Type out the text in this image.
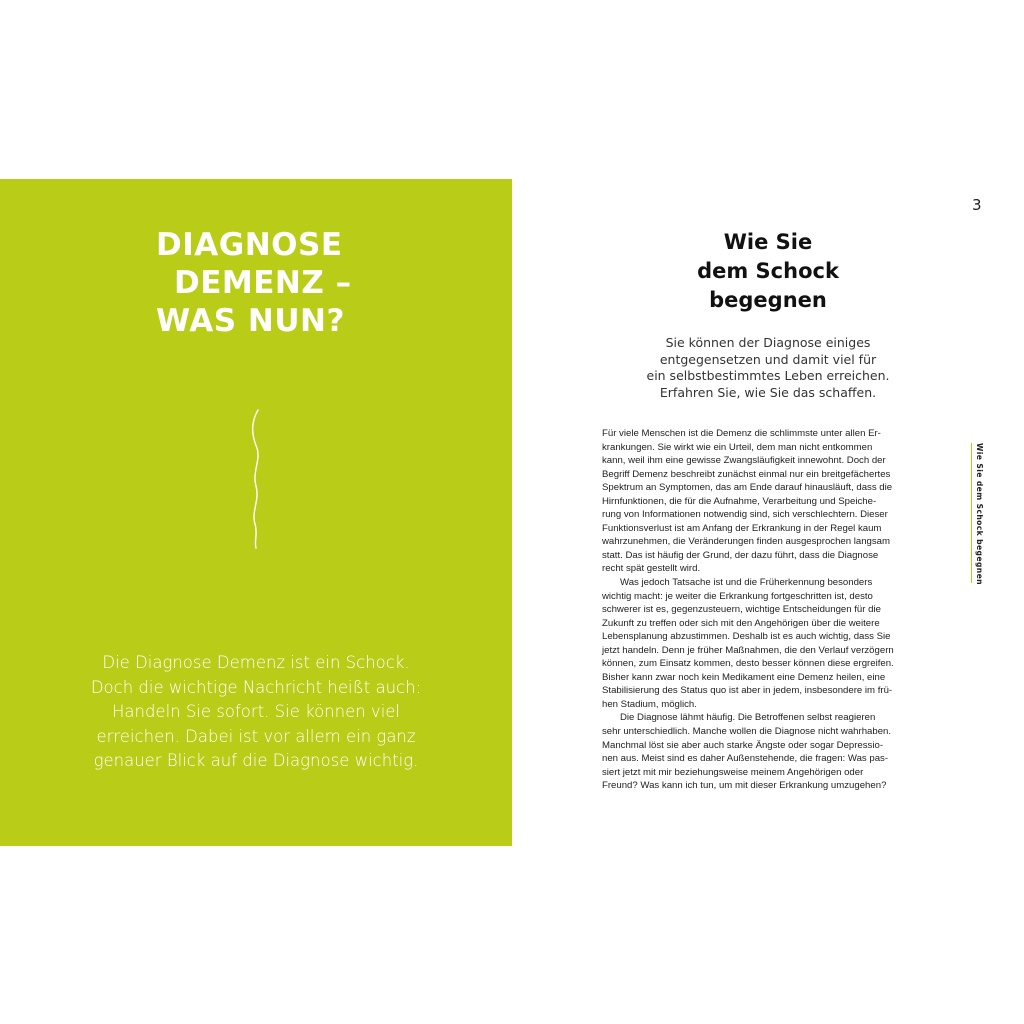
DIAGNOSE
DEMENZ –
WAS NUN?
Die Diagnose Demenz ist ein Schock.
Doch die wichtige Nachricht heißt auch:
Handeln Sie sofort. Sie können viel
erreichen. Dabei ist vor allem ein ganz
genauer Blick auf die Diagnose wichtig.
3
Wie Sie
dem Schock
begegnen
Sie können der Diagnose einiges
entgegensetzen und damit viel für
ein selbstbestimmtes Leben erreichen.
Erfahren Sie, wie Sie das schaffen.
Für viele Menschen ist die Demenz die schlimmste unter allen Er-
krankungen. Sie wirkt wie ein Urteil, dem man nicht entkommen
kann, weil ihm eine gewisse Zwangsläufigkeit innewohnt. Doch der
Begriff Demenz beschreibt zunächst einmal nur ein breitgefächertes
Spektrum an Symptomen, das am Ende darauf hinausläuft, dass die
Hirnfunktionen, die für die Aufnahme, Verarbeitung und Speiche-
rung von Informationen notwendig sind, sich verschlechtern. Dieser
Funktionsverlust ist am Anfang der Erkrankung in der Regel kaum
wahrzunehmen, die Veränderungen finden ausgesprochen langsam
statt. Das ist häufig der Grund, der dazu führt, dass die Diagnose
recht spät gestellt wird.
Was jedoch Tatsache ist und die Früherkennung besonders
wichtig macht: je weiter die Erkrankung fortgeschritten ist, desto
schwerer ist es, gegenzusteuern, wichtige Entscheidungen für die
Zukunft zu treffen oder sich mit den Angehörigen über die weitere
Lebensplanung abzustimmen. Deshalb ist es auch wichtig, dass Sie
jetzt handeln. Denn je früher Maßnahmen, die den Verlauf verzögern
können, zum Einsatz kommen, desto besser können diese ergreifen.
Bisher kann zwar noch kein Medikament eine Demenz heilen, eine
Stabilisierung des Status quo ist aber in jedem, insbesondere im frü-
hen Stadium, möglich.
Die Diagnose lähmt häufig. Die Betroffenen selbst reagieren
sehr unterschiedlich. Manche wollen die Diagnose nicht wahrhaben.
Manchmal löst sie aber auch starke Ängste oder sogar Depressio-
nen aus. Meist sind es daher Außenstehende, die fragen: Was pas-
siert jetzt mit mir beziehungsweise meinem Angehörigen oder
Freund? Was kann ich tun, um mit dieser Erkrankung umzugehen?
Wie Sie dem Schock begegnen
